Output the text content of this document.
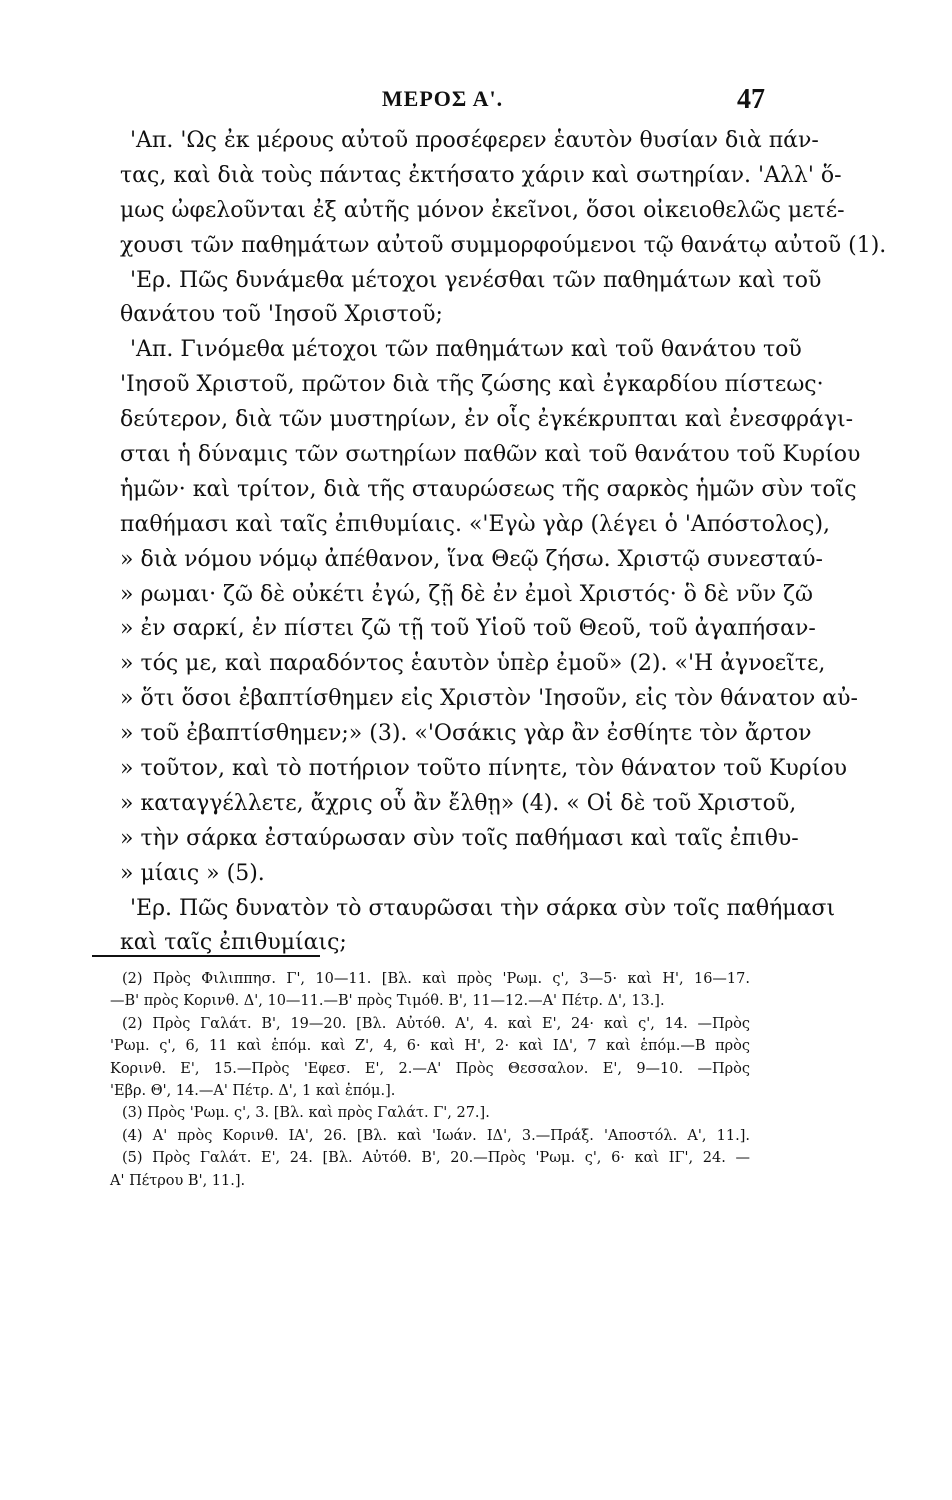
ΜΕΡΟΣ Α'.	47
'Απ. 'Ως ἐκ μέρους αὐτοῦ προσέφερεν ἑαυτὸν θυσίαν διὰ πάν-
τας, καὶ διὰ τοὺς πάντας ἐκτήσατο χάριν καὶ σωτηρίαν. 'Αλλ' ὅ-
μως ὠφελοῦνται ἐξ αὐτῆς μόνον ἐκεῖνοι, ὅσοι οἰκειοθελῶς μετέ-
χουσι τῶν παθημάτων αὐτοῦ συμμορφούμενοι τῷ θανάτῳ αὐτοῦ (1).
'Ερ. Πῶς δυνάμεθα μέτοχοι γενέσθαι τῶν παθημάτων καὶ τοῦ
θανάτου τοῦ 'Ιησοῦ Χριστοῦ;
'Απ. Γινόμεθα μέτοχοι τῶν παθημάτων καὶ τοῦ θανάτου τοῦ
'Ιησοῦ Χριστοῦ, πρῶτον διὰ τῆς ζώσης καὶ ἐγκαρδίου πίστεως·
δεύτερον, διὰ τῶν μυστηρίων, ἐν οἷς ἐγκέκρυπται καὶ ἐνεσφράγι-
σται ἡ δύναμις τῶν σωτηρίων παθῶν καὶ τοῦ θανάτου τοῦ Κυρίου
ἡμῶν· καὶ τρίτον, διὰ τῆς σταυρώσεως τῆς σαρκὸς ἡμῶν σὺν τοῖς
παθήμασι καὶ ταῖς ἐπιθυμίαις. «'Εγὼ γὰρ (λέγει ὁ 'Απόστολος),
» διὰ νόμου νόμῳ ἀπέθανον, ἵνα Θεῷ ζήσω. Χριστῷ συνεσταύ-
» ρωμαι· ζῶ δὲ οὐκέτι ἐγώ, ζῇ δὲ ἐν ἐμοὶ Χριστός· ὃ δὲ νῦν ζῶ
» ἐν σαρκί, ἐν πίστει ζῶ τῇ τοῦ Υἱοῦ τοῦ Θεοῦ, τοῦ ἀγαπήσαν-
» τός με, καὶ παραδόντος ἑαυτὸν ὑπὲρ ἐμοῦ» (2). «'Η ἀγνοεῖτε,
» ὅτι ὅσοι ἐβαπτίσθημεν εἰς Χριστὸν 'Ιησοῦν, εἰς τὸν θάνατον αὐ-
» τοῦ ἐβαπτίσθημεν;» (3). «'Οσάκις γὰρ ἂν ἐσθίητε τὸν ἄρτον
» τοῦτον, καὶ τὸ ποτήριον τοῦτο πίνητε, τὸν θάνατον τοῦ Κυρίου
» καταγγέλλετε, ἄχρις οὗ ἂν ἔλθῃ» (4). « Οἱ δὲ τοῦ Χριστοῦ,
» τὴν σάρκα ἐσταύρωσαν σὺν τοῖς παθήμασι καὶ ταῖς ἐπιθυ-
» μίαις » (5).
'Ερ. Πῶς δυνατὸν τὸ σταυρῶσαι τὴν σάρκα σὺν τοῖς παθήμασι
καὶ ταῖς ἐπιθυμίαις;
(2) Πρὸς Φιλιππησ. Γ', 10—11. [Βλ. καὶ πρὸς 'Ρωμ. ς', 3—5· καὶ Η', 16—17.
—Β' πρὸς Κορινθ. Δ', 10—11.—Β' πρὸς Τιμόθ. Β', 11—12.—Α' Πέτρ. Δ', 13.].
(2) Πρὸς Γαλάτ. Β', 19—20. [Βλ. Αὐτόθ. Α', 4. καὶ Ε', 24· καὶ ς', 14. —Πρὸς
'Ρωμ. ς', 6, 11 καὶ ἑπόμ. καὶ Ζ', 4, 6· καὶ Η', 2· καὶ ΙΔ', 7 καὶ ἑπόμ.—Β πρὸς
Κορινθ. Ε', 15.—Πρὸς 'Εφεσ. Ε', 2.—Α' Πρὸς Θεσσαλον. Ε', 9—10. —Πρὸς
'Εβρ. Θ', 14.—Α' Πέτρ. Δ', 1 καὶ ἑπόμ.].
(3) Πρὸς 'Ρωμ. ς', 3. [Βλ. καὶ πρὸς Γαλάτ. Γ', 27.].
(4) Α' πρὸς Κορινθ. ΙΑ', 26. [Βλ. καὶ 'Ιωάν. ΙΔ', 3.—Πράξ. 'Αποστόλ. Α', 11.].
(5) Πρὸς Γαλάτ. Ε', 24. [Βλ. Αὐτόθ. Β', 20.—Πρὸς 'Ρωμ. ς', 6· καὶ ΙΓ', 24. —
Α' Πέτρου Β', 11.].
